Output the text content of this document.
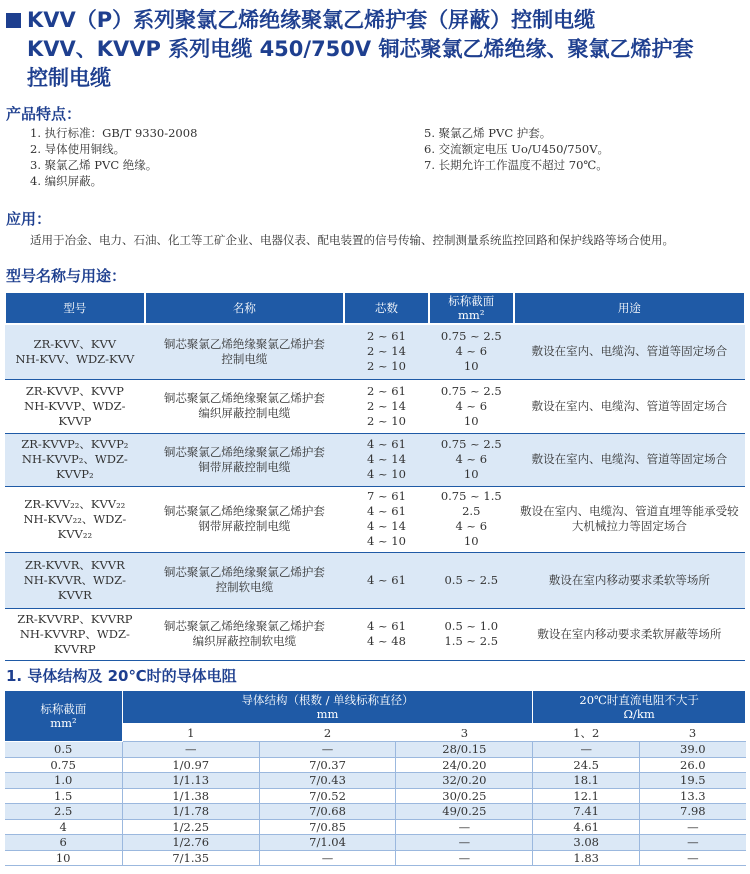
KVV（P）系列聚氯乙烯绝缘聚氯乙烯护套（屏蔽）控制电缆
KVV、KVVP 系列电缆 450/750V 铜芯聚氯乙烯绝缘、聚氯乙烯护套
控制电缆
产品特点：
1. 执行标准：GB/T 9330-2008
2. 导体使用铜线。
3. 聚氯乙烯 PVC 绝缘。
4. 编织屏蔽。
5. 聚氯乙烯 PVC 护套。
6. 交流额定电压 Uo/U450/750V。
7. 长期允许工作温度不超过 70℃。
应用：
适用于冶金、电力、石油、化工等工矿企业、电器仪表、配电装置的信号传输、控制测量系统监控回路和保护线路等场合使用。
型号名称与用途：
型号	名称	芯数	标称截面
mm²	用途
ZR-KVV、KVV
NH-KVV、WDZ-KVV	铜芯聚氯乙烯绝缘聚氯乙烯护套
控制电缆	2 ~ 61
2 ~ 14
2 ~ 10	0.75 ~ 2.5
4 ~ 6
10	敷设在室内、电缆沟、管道等固定场合
ZR-KVVP、KVVP
NH-KVVP、WDZ-
KVVP	铜芯聚氯乙烯绝缘聚氯乙烯护套
编织屏蔽控制电缆	2 ~ 61
2 ~ 14
2 ~ 10	0.75 ~ 2.5
4 ~ 6
10	敷设在室内、电缆沟、管道等固定场合
ZR-KVVP₂、KVVP₂
NH-KVVP₂、WDZ-
KVVP₂	铜芯聚氯乙烯绝缘聚氯乙烯护套
铜带屏蔽控制电缆	4 ~ 61
4 ~ 14
4 ~ 10	0.75 ~ 2.5
4 ~ 6
10	敷设在室内、电缆沟、管道等固定场合
ZR-KVV₂₂、KVV₂₂
NH-KVV₂₂、WDZ-
KVV₂₂	铜芯聚氯乙烯绝缘聚氯乙烯护套
钢带屏蔽控制电缆	7 ~ 61
4 ~ 61
4 ~ 14
4 ~ 10	0.75 ~ 1.5
2.5
4 ~ 6
10	敷设在室内、电缆沟、管道直埋等能承受较
大机械拉力等固定场合
ZR-KVVR、KVVR
NH-KVVR、WDZ-
KVVR	铜芯聚氯乙烯绝缘聚氯乙烯护套
控制软电缆	4 ~ 61	0.5 ~ 2.5	敷设在室内移动要求柔软等场所
ZR-KVVRP、KVVRP
NH-KVVRP、WDZ-
KVVRP	铜芯聚氯乙烯绝缘聚氯乙烯护套
编织屏蔽控制软电缆	4 ~ 61
4 ~ 48	0.5 ~ 1.0
1.5 ~ 2.5	敷设在室内移动要求柔软屏蔽等场所
1. 导体结构及 20℃时的导体电阻
标称截面
mm²	导体结构（根数 / 单线标称直径）
mm			20℃时直流电阻不大于
Ω/km	
	1	2	3	1、2	3
0.5	—	—	28/0.15	—	39.0
0.75	1/0.97	7/0.37	24/0.20	24.5	26.0
1.0	1/1.13	7/0.43	32/0.20	18.1	19.5
1.5	1/1.38	7/0.52	30/0.25	12.1	13.3
2.5	1/1.78	7/0.68	49/0.25	7.41	7.98
4	1/2.25	7/0.85	—	4.61	—
6	1/2.76	7/1.04	—	3.08	—
10	7/1.35	—	—	1.83	—
